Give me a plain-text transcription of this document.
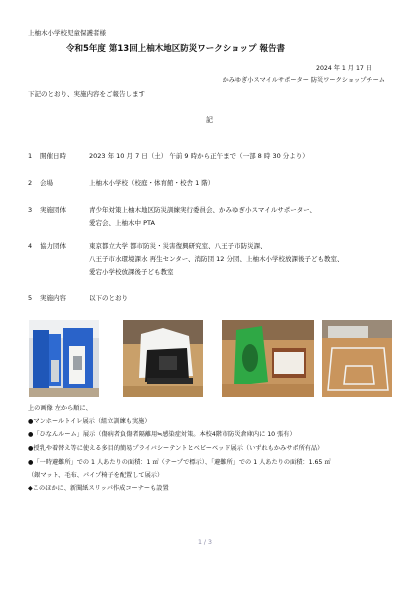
上柚木小学校児童保護者様
令和5年度 第13回上柚木地区防災ワークショップ 報告書
2024 年 1 月 17 日
かみゆぎ小スマイルサポーター 防災ワークショップチーム
下記のとおり、実施内容をご報告します
記
1 開催日時	2023 年 10 月 7 日（土） 午前 9 時から正午まで（一部 8 時 30 分より）
2 会場	上柚木小学校（校庭・体育館・校舎 1 階）
3 実施団体	青少年対策上柚木地区防災訓練実行委員会、かみゆぎ小スマイルサポーター、
愛宕会、上柚木中 PTA
4 協力団体	東京都立大学 都市防災・災害復興研究室、八王子市防災課、
八王子市水環境課水 再生センター、消防団 12 分団、上柚木小学校放課後子ども教室、
愛宕小学校放課後子ども教室
5 実施内容	以下のとおり
上の画像 左から順に、
●マンホールトイレ展示（組立訓練も実施）
●「ひなんルーム」展示（傷病者負傷者隔離用≒感染症対策。本校4階市防災倉庫内に 10 張有）
●授乳や着替え等に使える多目的簡易プライバシーテントとベビーベッド展示（いずれもかみサポ所有品）
●「一時避難所」での 1 人あたりの面積：1 ㎡（テープで標示）、「避難所」での 1 人あたりの面積：1.65 ㎡
（銀マット、毛布、パイプ椅子を配置して展示）
◆このほかに、新聞紙スリッパ作成コーナーも設置
1 / 3
